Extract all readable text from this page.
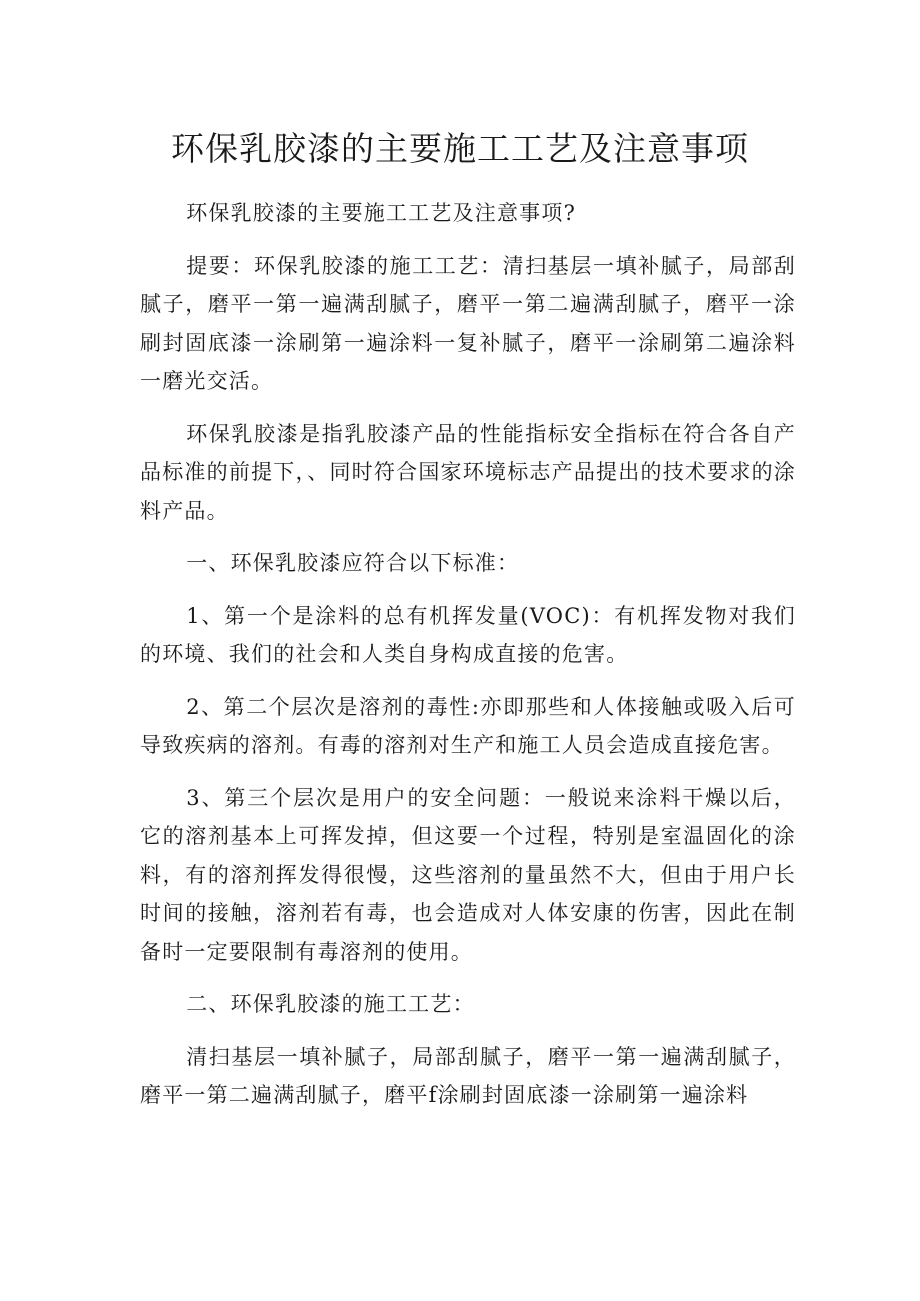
环保乳胶漆的主要施工工艺及注意事项

环保乳胶漆的主要施工工艺及注意事项?

提要：环保乳胶漆的施工工艺：清扫基层一填补腻子，局部刮腻子，磨平一第一遍满刮腻子，磨平一第二遍满刮腻子，磨平一涂刷封固底漆一涂刷第一遍涂料一复补腻子，磨平一涂刷第二遍涂料一磨光交活。

环保乳胶漆是指乳胶漆产品的性能指标安全指标在符合各自产品标准的前提下，、同时符合国家环境标志产品提出的技术要求的涂料产品。

一、环保乳胶漆应符合以下标准：

1、第一个是涂料的总有机挥发量(VOC)：有机挥发物对我们的环境、我们的社会和人类自身构成直接的危害。

2、第二个层次是溶剂的毒性:亦即那些和人体接触或吸入后可导致疾病的溶剂。有毒的溶剂对生产和施工人员会造成直接危害。

3、第三个层次是用户的安全问题：一般说来涂料干燥以后，它的溶剂基本上可挥发掉，但这要一个过程，特别是室温固化的涂料，有的溶剂挥发得很慢，这些溶剂的量虽然不大，但由于用户长时间的接触，溶剂若有毒，也会造成对人体安康的伤害，因此在制备时一定要限制有毒溶剂的使用。

二、环保乳胶漆的施工工艺：

清扫基层一填补腻子，局部刮腻子，磨平一第一遍满刮腻子，磨平一第二遍满刮腻子，磨平f涂刷封固底漆一涂刷第一遍涂料
